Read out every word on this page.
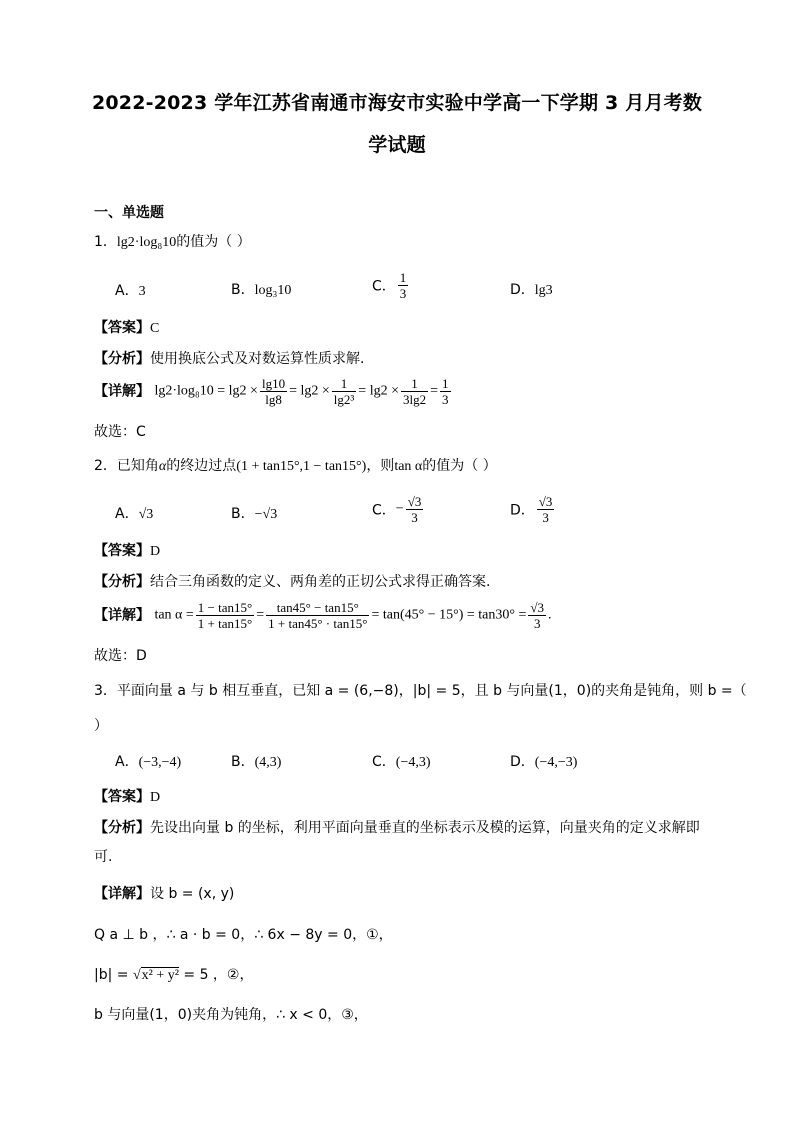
2022-2023 学年江苏省南通市海安市实验中学高一下学期 3 月月考数
学试题
一、单选题
1．lg2·log₈10的值为（ ）
A．3	B．log₃10	C． $\frac{1}{3}$	D．lg3
【答案】C
【分析】使用换底公式及对数运算性质求解.
【详解】 $\lg 2\cdot\log_810 = \lg 2 \times \frac{\lg 10}{\lg 8} = \lg 2 \times \frac{1}{\text{lg2³}} = \lg 2 \times \frac{1}{3\lg 2} = \frac{1}{3}$
故选：C
2．已知角α的终边过点(1 + tan15°,1 − tan15°)，则tan α的值为（ ）
A．√3	B．−√3	C．− $\frac{√3}{3}$	D． $\frac{√3}{3}$
【答案】D
【分析】结合三角函数的定义、两角差的正切公式求得正确答案.
【详解】 $\tan \alpha = \frac{1 - \tan 15^\circ}{1 + \tan 15^\circ} = \frac{\tan 45^\circ - \tan 15^\circ}{1 + \tan 45^\circ \cdot \tan 15^\circ} = \tan(45^\circ - 15^\circ) = \tan 30^\circ = \frac{√3}{3}$ .
故选：D
3．平面向量 a 与 b 相互垂直，已知 a = (6,−8)，|b| = 5，且 b 与向量(1，0)的夹角是钝角，则 b =（
）
A．(−3,−4)	B．(4,3)	C．(−4,3)	D．(−4,−3)
【答案】D
【分析】先设出向量 b 的坐标，利用平面向量垂直的坐标表示及模的运算，向量夹角的定义求解即
可.
【详解】设 b = (x, y)
Q a ⊥ b ，∴ a · b = 0，∴ 6x − 8y = 0，①，
|b| = √x² + y² = 5 ，②，
b 与向量(1，0)夹角为钝角，∴ x < 0，③，
